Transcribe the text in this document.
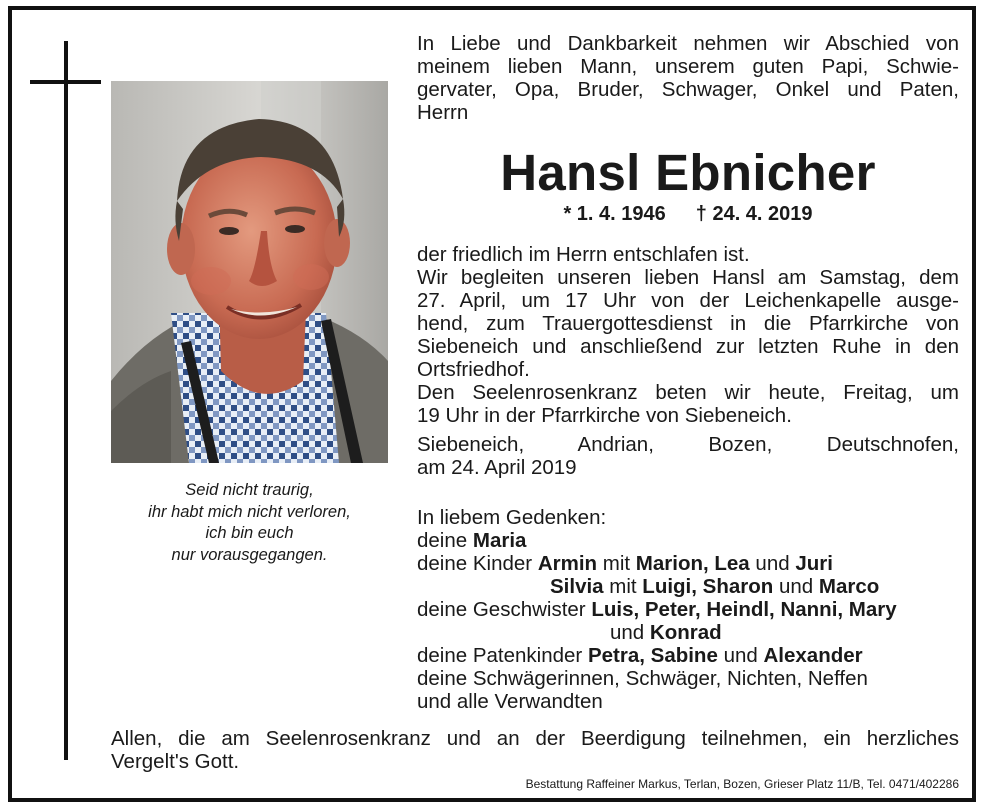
Seid nicht traurig,
ihr habt mich nicht verloren,
ich bin euch
nur vorausgegangen.
In Liebe und Dankbarkeit nehmen wir Abschied von
meinem lieben Mann, unserem guten Papi, Schwie-
gervater, Opa, Bruder, Schwager, Onkel und Paten,
Herrn
Hansl Ebnicher
* 1. 4. 1946 † 24. 4. 2019
der friedlich im Herrn entschlafen ist.
Wir begleiten unseren lieben Hansl am Samstag, dem
27. April, um 17 Uhr von der Leichenkapelle ausge-
hend, zum Trauergottesdienst in die Pfarrkirche von
Siebeneich und anschließend zur letzten Ruhe in den
Ortsfriedhof.
Den Seelenrosenkranz beten wir heute, Freitag, um
19 Uhr in der Pfarrkirche von Siebeneich.
Siebeneich, Andrian, Bozen, Deutschnofen,
am 24. April 2019
In liebem Gedenken:
deine Maria
deine Kinder Armin mit Marion, Lea und Juri
Silvia mit Luigi, Sharon und Marco
deine Geschwister Luis, Peter, Heindl, Nanni, Mary
und Konrad
deine Patenkinder Petra, Sabine und Alexander
deine Schwägerinnen, Schwäger, Nichten, Neffen
und alle Verwandten
Allen, die am Seelenrosenkranz und an der Beerdigung teilnehmen, ein herzliches
Vergelt's Gott.
Bestattung Raffeiner Markus, Terlan, Bozen, Grieser Platz 11/B, Tel. 0471/402286
